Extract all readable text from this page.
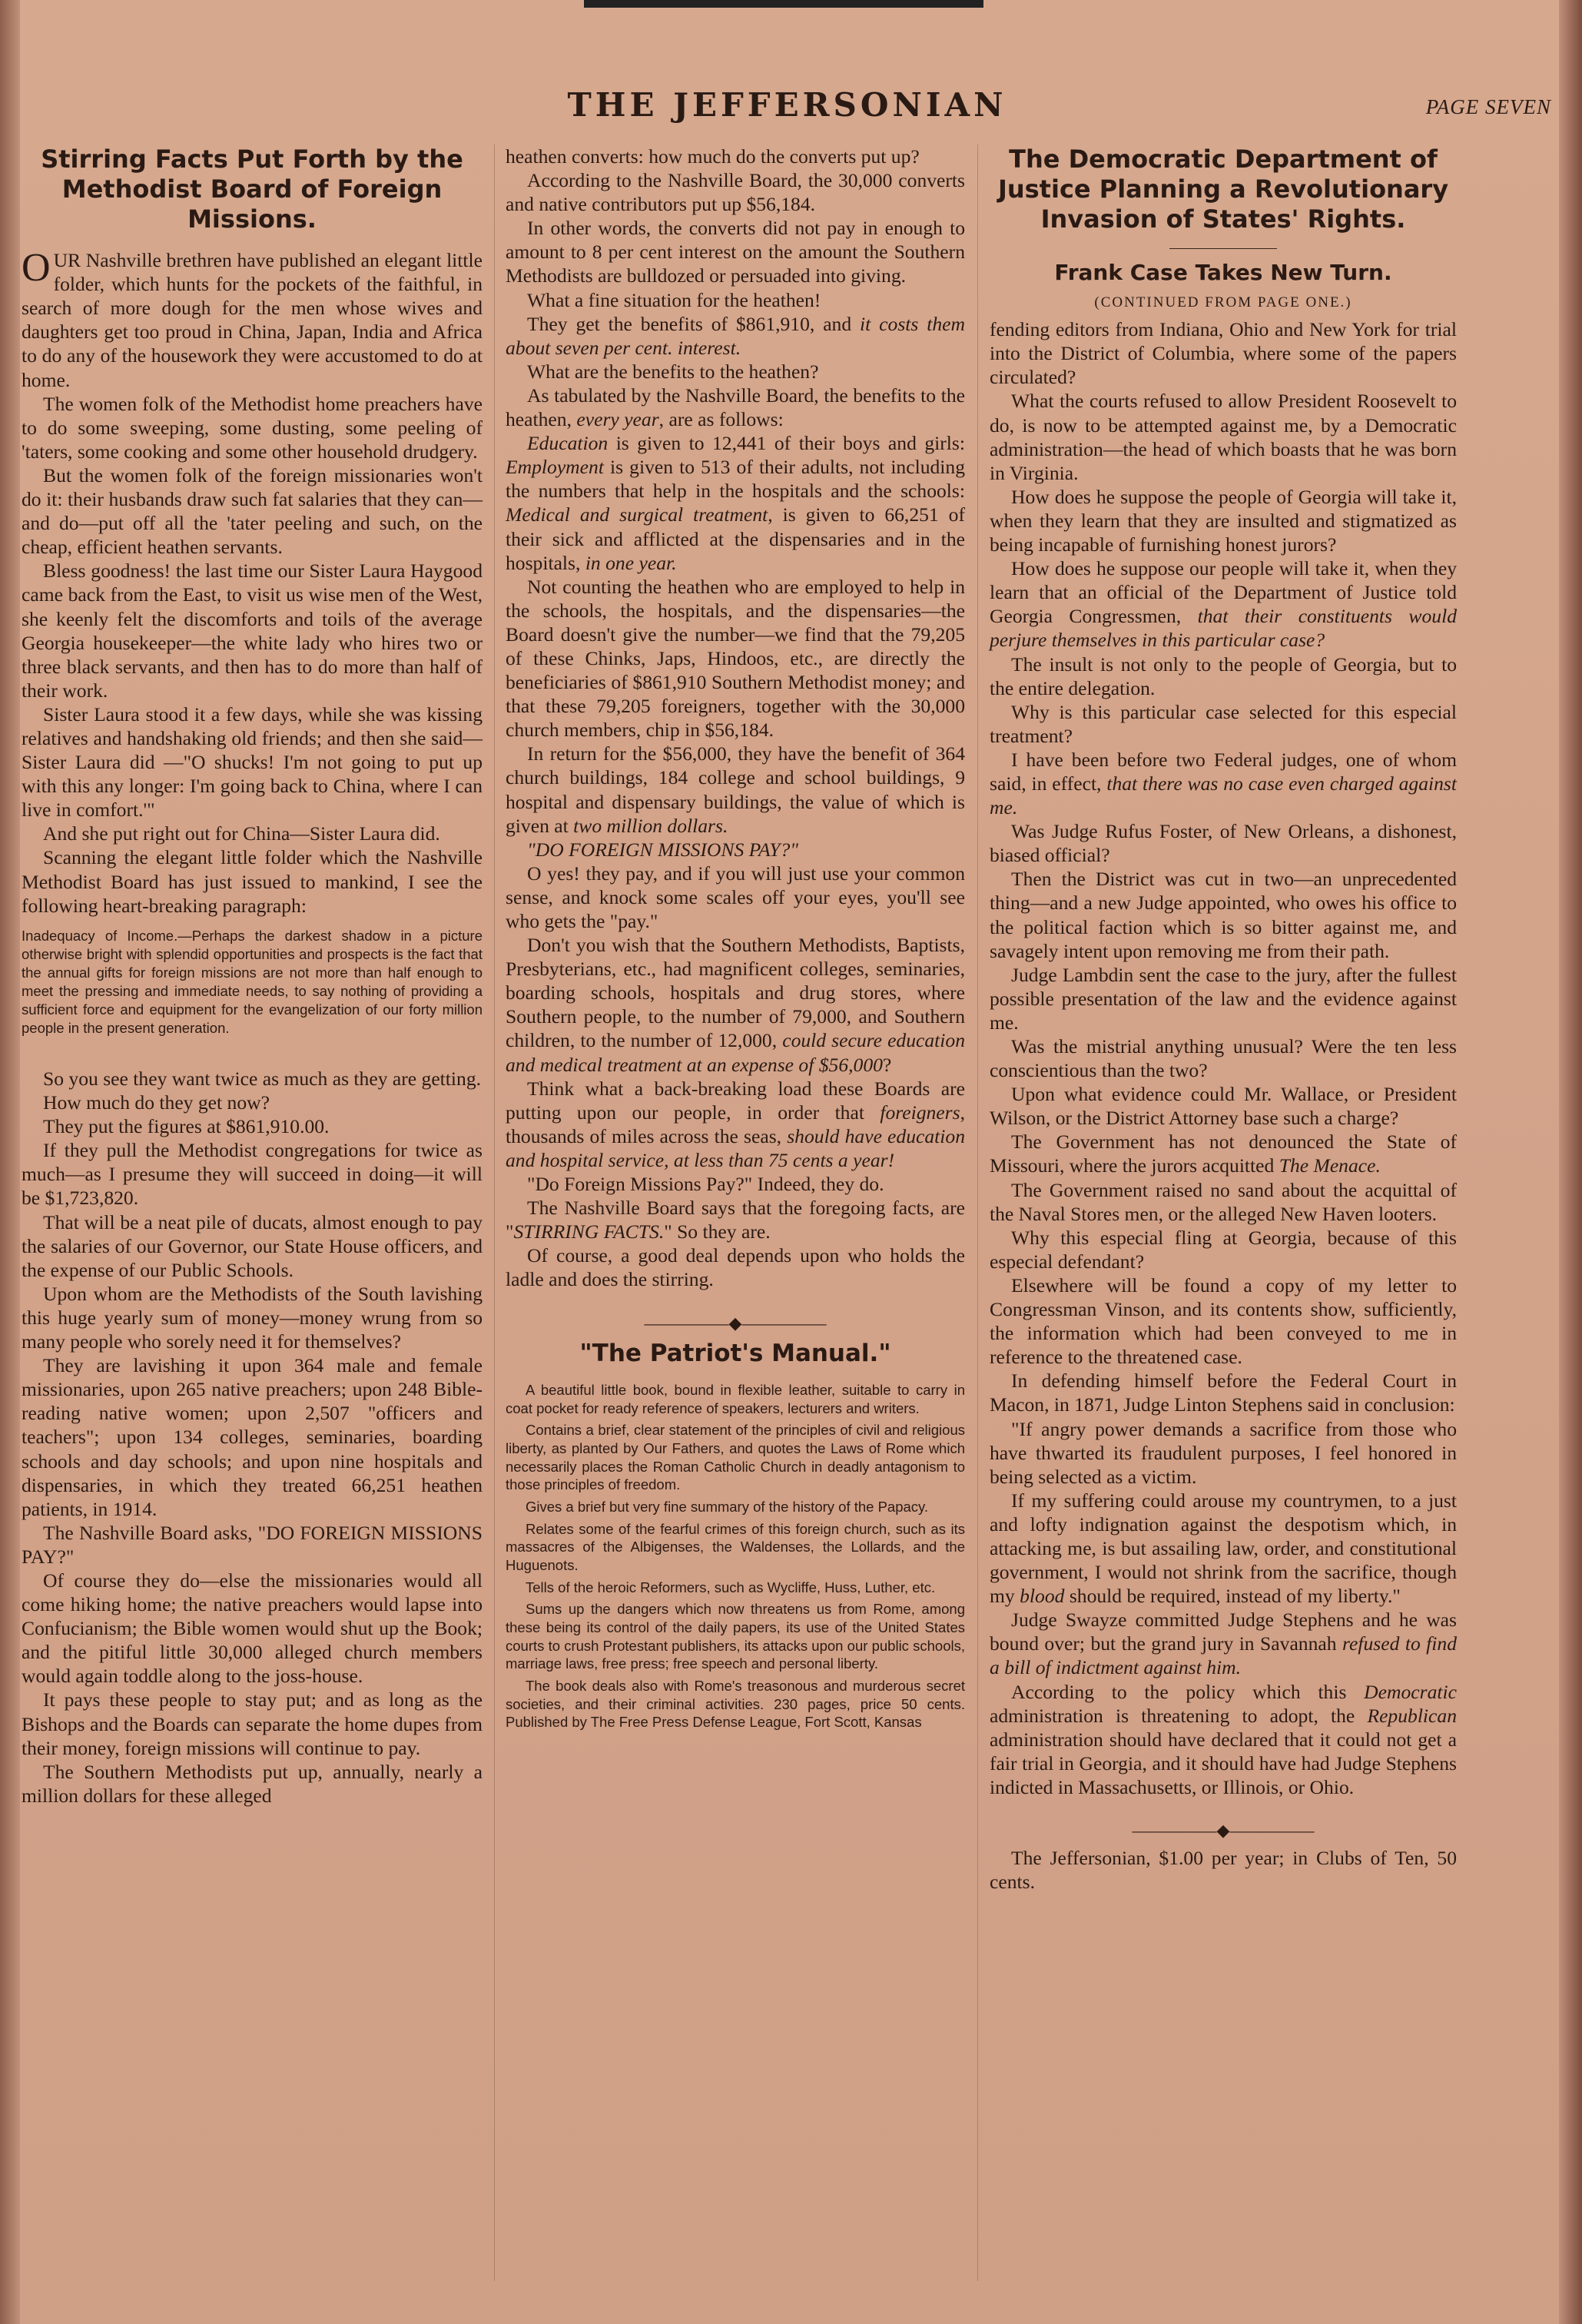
THE JEFFERSONIAN	PAGE SEVEN
Stirring Facts Put Forth by the Methodist Board of Foreign Missions.

OUR Nashville brethren have published an elegant little folder, which hunts for the pockets of the faithful, in search of more dough for the men whose wives and daughters get too proud in China, Japan, India and Africa to do any of the housework they were accustomed to do at home.

The women folk of the Methodist home preachers have to do some sweeping, some dusting, some peeling of 'taters, some cooking and some other household drudgery.

But the women folk of the foreign missionaries won't do it: their husbands draw such fat salaries that they can—and do—put off all the 'tater peeling and such, on the cheap, efficient heathen servants.

Bless goodness! the last time our Sister Laura Haygood came back from the East, to visit us wise men of the West, she keenly felt the discomforts and toils of the average Georgia housekeeper—the white lady who hires two or three black servants, and then has to do more than half of their work.

Sister Laura stood it a few days, while she was kissing relatives and handshaking old friends; and then she said—Sister Laura did —"O shucks! I'm not going to put up with this any longer: I'm going back to China, where I can live in comfort.'"

And she put right out for China—Sister Laura did.

Scanning the elegant little folder which the Nashville Methodist Board has just issued to mankind, I see the following heart-breaking paragraph:

Inadequacy of Income.—Perhaps the darkest shadow in a picture otherwise bright with splendid opportunities and prospects is the fact that the annual gifts for foreign missions are not more than half enough to meet the pressing and immediate needs, to say nothing of providing a sufficient force and equipment for the evangelization of our forty million people in the present generation.

So you see they want twice as much as they are getting.

How much do they get now?

They put the figures at $861,910.00.

If they pull the Methodist congregations for twice as much—as I presume they will succeed in doing—it will be $1,723,820.

That will be a neat pile of ducats, almost enough to pay the salaries of our Governor, our State House officers, and the expense of our Public Schools.

Upon whom are the Methodists of the South lavishing this huge yearly sum of money—money wrung from so many people who sorely need it for themselves?

They are lavishing it upon 364 male and female missionaries, upon 265 native preachers; upon 248 Bible-reading native women; upon 2,507 "officers and teachers"; upon 134 colleges, seminaries, boarding schools and day schools; and upon nine hospitals and dispensaries, in which they treated 66,251 heathen patients, in 1914.

The Nashville Board asks, "DO FOREIGN MISSIONS PAY?"

Of course they do—else the missionaries would all come hiking home; the native preachers would lapse into Confucianism; the Bible women would shut up the Book; and the pitiful little 30,000 alleged church members would again toddle along to the joss-house.

It pays these people to stay put; and as long as the Bishops and the Boards can separate the home dupes from their money, foreign missions will continue to pay.

The Southern Methodists put up, annually, nearly a million dollars for these alleged

heathen converts: how much do the converts put up?

According to the Nashville Board, the 30,000 converts and native contributors put up $56,184.

In other words, the converts did not pay in enough to amount to 8 per cent interest on the amount the Southern Methodists are bulldozed or persuaded into giving.

What a fine situation for the heathen!

They get the benefits of $861,910, and it costs them about seven per cent. interest.

What are the benefits to the heathen?

As tabulated by the Nashville Board, the benefits to the heathen, every year, are as follows:

Education is given to 12,441 of their boys and girls: Employment is given to 513 of their adults, not including the numbers that help in the hospitals and the schools: Medical and surgical treatment, is given to 66,251 of their sick and afflicted at the dispensaries and in the hospitals, in one year.

Not counting the heathen who are employed to help in the schools, the hospitals, and the dispensaries—the Board doesn't give the number—we find that the 79,205 of these Chinks, Japs, Hindoos, etc., are directly the beneficiaries of $861,910 Southern Methodist money; and that these 79,205 foreigners, together with the 30,000 church members, chip in $56,184.

In return for the $56,000, they have the benefit of 364 church buildings, 184 college and school buildings, 9 hospital and dispensary buildings, the value of which is given at two million dollars.

"DO FOREIGN MISSIONS PAY?"

O yes! they pay, and if you will just use your common sense, and knock some scales off your eyes, you'll see who gets the "pay."

Don't you wish that the Southern Methodists, Baptists, Presbyterians, etc., had magnificent colleges, seminaries, boarding schools, hospitals and drug stores, where Southern people, to the number of 79,000, and Southern children, to the number of 12,000, could secure education and medical treatment at an expense of $56,000?

Think what a back-breaking load these Boards are putting upon our people, in order that foreigners, thousands of miles across the seas, should have education and hospital service, at less than 75 cents a year!

"Do Foreign Missions Pay?" Indeed, they do.

The Nashville Board says that the foregoing facts, are "STIRRING FACTS." So they are.

Of course, a good deal depends upon who holds the ladle and does the stirring.

—————◆—————
"The Patriot's Manual."

A beautiful little book, bound in flexible leather, suitable to carry in coat pocket for ready reference of speakers, lecturers and writers.

Contains a brief, clear statement of the principles of civil and religious liberty, as planted by Our Fathers, and quotes the Laws of Rome which necessarily places the Roman Catholic Church in deadly antagonism to those principles of freedom.

Gives a brief but very fine summary of the history of the Papacy.

Relates some of the fearful crimes of this foreign church, such as its massacres of the Albigenses, the Waldenses, the Lollards, and the Huguenots.

Tells of the heroic Reformers, such as Wycliffe, Huss, Luther, etc.

Sums up the dangers which now threatens us from Rome, among these being its control of the daily papers, its use of the United States courts to crush Protestant publishers, its attacks upon our public schools, marriage laws, free press; free speech and personal liberty.

The book deals also with Rome's treasonous and murderous secret societies, and their criminal activities. 230 pages, price 50 cents. Published by The Free Press Defense League, Fort Scott, Kansas

The Democratic Department of Justice Planning a Revolutionary Invasion of States' Rights.
Frank Case Takes New Turn.
(CONTINUED FROM PAGE ONE.)

fending editors from Indiana, Ohio and New York for trial into the District of Columbia, where some of the papers circulated?

What the courts refused to allow President Roosevelt to do, is now to be attempted against me, by a Democratic administration—the head of which boasts that he was born in Virginia.

How does he suppose the people of Georgia will take it, when they learn that they are insulted and stigmatized as being incapable of furnishing honest jurors?

How does he suppose our people will take it, when they learn that an official of the Department of Justice told Georgia Congressmen, that their constituents would perjure themselves in this particular case?

The insult is not only to the people of Georgia, but to the entire delegation.

Why is this particular case selected for this especial treatment?

I have been before two Federal judges, one of whom said, in effect, that there was no case even charged against me.

Was Judge Rufus Foster, of New Orleans, a dishonest, biased official?

Then the District was cut in two—an unprecedented thing—and a new Judge appointed, who owes his office to the political faction which is so bitter against me, and savagely intent upon removing me from their path.

Judge Lambdin sent the case to the jury, after the fullest possible presentation of the law and the evidence against me.

Was the mistrial anything unusual? Were the ten less conscientious than the two?

Upon what evidence could Mr. Wallace, or President Wilson, or the District Attorney base such a charge?

The Government has not denounced the State of Missouri, where the jurors acquitted The Menace.

The Government raised no sand about the acquittal of the Naval Stores men, or the alleged New Haven looters.

Why this especial fling at Georgia, because of this especial defendant?

Elsewhere will be found a copy of my letter to Congressman Vinson, and its contents show, sufficiently, the information which had been conveyed to me in reference to the threatened case.

In defending himself before the Federal Court in Macon, in 1871, Judge Linton Stephens said in conclusion:

"If angry power demands a sacrifice from those who have thwarted its fraudulent purposes, I feel honored in being selected as a victim.

If my suffering could arouse my countrymen, to a just and lofty indignation against the despotism which, in attacking me, is but assailing law, order, and constitutional government, I would not shrink from the sacrifice, though my blood should be required, instead of my liberty."

Judge Swayze committed Judge Stephens and he was bound over; but the grand jury in Savannah refused to find a bill of indictment against him.

According to the policy which this Democratic administration is threatening to adopt, the Republican administration should have declared that it could not get a fair trial in Georgia, and it should have had Judge Stephens indicted in Massachusetts, or Illinois, or Ohio.

—————◆—————

The Jeffersonian, $1.00 per year; in Clubs of Ten, 50 cents.
